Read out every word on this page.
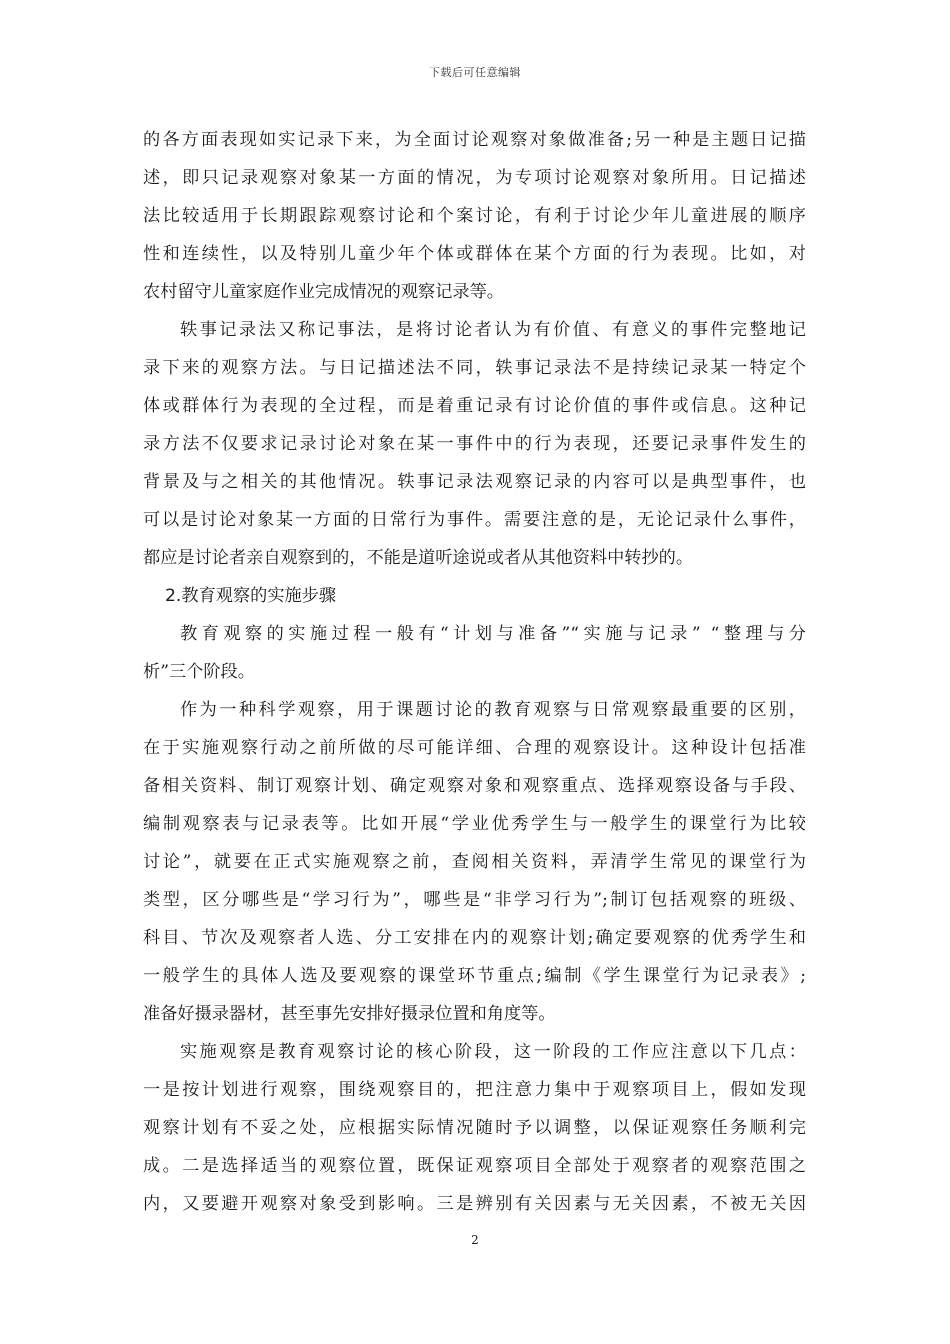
下载后可任意编辑
的各方面表现如实记录下来，为全面讨论观察对象做准备;另一种是主题日记描
述，即只记录观察对象某一方面的情况，为专项讨论观察对象所用。日记描述
法比较适用于长期跟踪观察讨论和个案讨论，有利于讨论少年儿童进展的顺序
性和连续性，以及特别儿童少年个体或群体在某个方面的行为表现。比如，对
农村留守儿童家庭作业完成情况的观察记录等。
轶事记录法又称记事法，是将讨论者认为有价值、有意义的事件完整地记
录下来的观察方法。与日记描述法不同，轶事记录法不是持续记录某一特定个
体或群体行为表现的全过程，而是着重记录有讨论价值的事件或信息。这种记
录方法不仅要求记录讨论对象在某一事件中的行为表现，还要记录事件发生的
背景及与之相关的其他情况。轶事记录法观察记录的内容可以是典型事件，也
可以是讨论对象某一方面的日常行为事件。需要注意的是，无论记录什么事件，
都应是讨论者亲自观察到的，不能是道听途说或者从其他资料中转抄的。
2.教育观察的实施步骤
教育观察的实施过程一般有“计划与准备”“实施与记录” “整理与分
析”三个阶段。
作为一种科学观察，用于课题讨论的教育观察与日常观察最重要的区别，
在于实施观察行动之前所做的尽可能详细、合理的观察设计。这种设计包括准
备相关资料、制订观察计划、确定观察对象和观察重点、选择观察设备与手段、
编制观察表与记录表等。比如开展“学业优秀学生与一般学生的课堂行为比较
讨论”，就要在正式实施观察之前，查阅相关资料，弄清学生常见的课堂行为
类型，区分哪些是“学习行为”，哪些是“非学习行为”;制订包括观察的班级、
科目、节次及观察者人选、分工安排在内的观察计划;确定要观察的优秀学生和
一般学生的具体人选及要观察的课堂环节重点;编制《学生课堂行为记录表》;
准备好摄录器材，甚至事先安排好摄录位置和角度等。
实施观察是教育观察讨论的核心阶段，这一阶段的工作应注意以下几点：
一是按计划进行观察，围绕观察目的，把注意力集中于观察项目上，假如发现
观察计划有不妥之处，应根据实际情况随时予以调整，以保证观察任务顺利完
成。二是选择适当的观察位置，既保证观察项目全部处于观察者的观察范围之
内，又要避开观察对象受到影响。三是辨别有关因素与无关因素，不被无关因
2
